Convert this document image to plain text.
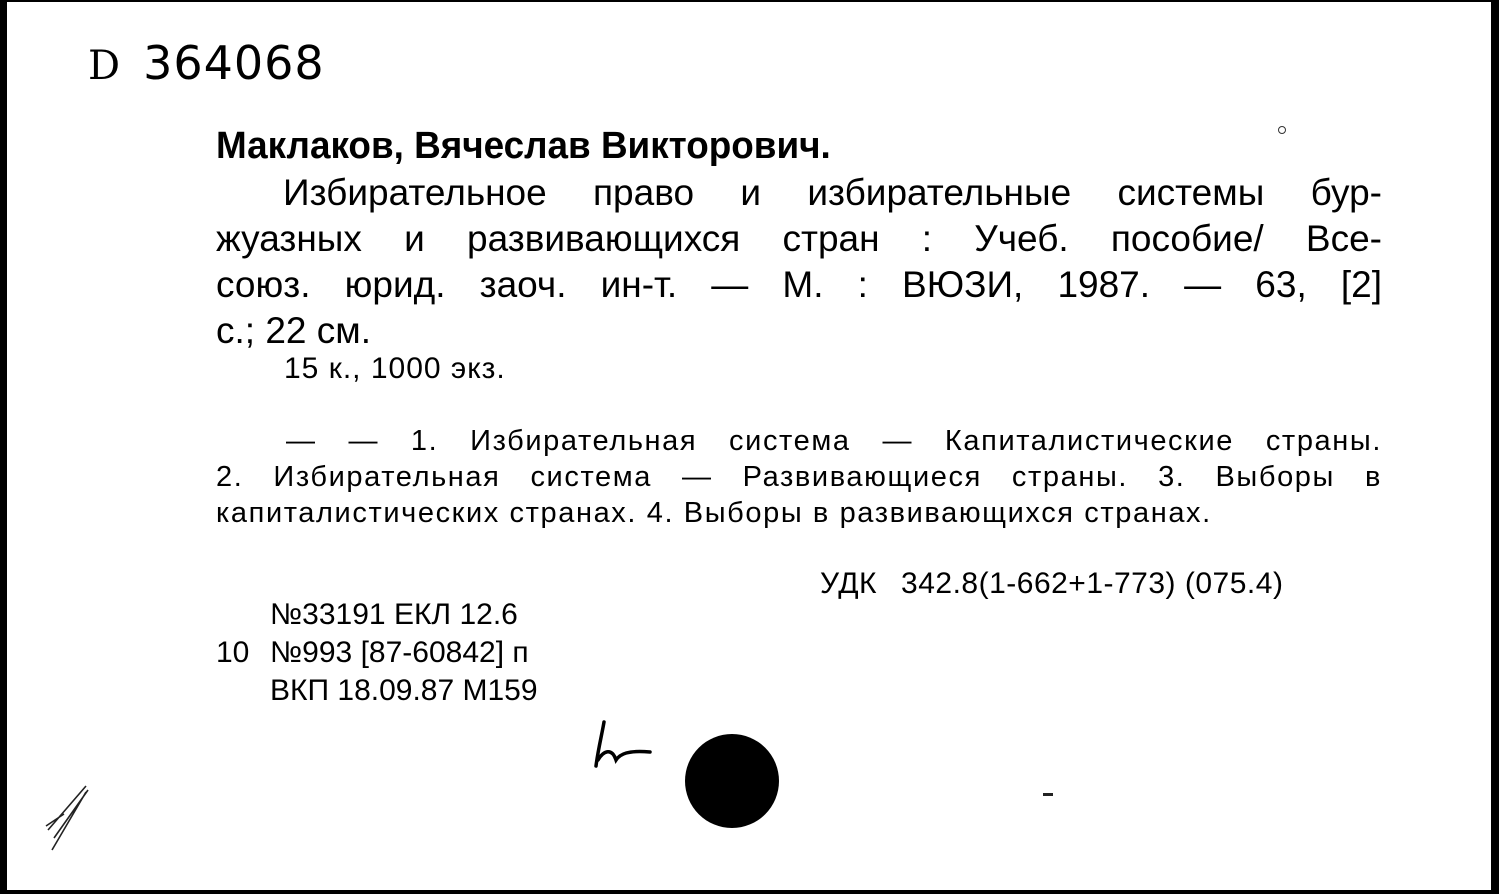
D 364068
Маклаков, Вячеслав Викторович.
Избирательное право и избирательные системы бур-
жуазных и развивающихся стран : Учеб. пособие/ Все-
союз. юрид. заоч. ин-т. — М. : ВЮЗИ, 1987. — 63, [2]
с.; 22 см.
15 к., 1000 экз.
— — 1. Избирательная система — Капиталистические страны.
2. Избирательная система — Развивающиеся страны. 3. Выборы в
капиталистических странах. 4. Выборы в развивающихся странах.
УДК 342.8(1-662+1-773) (075.4)
№33191 ЕКЛ 12.6
10 №993 [87-60842] п
ВКП 18.09.87 М159
